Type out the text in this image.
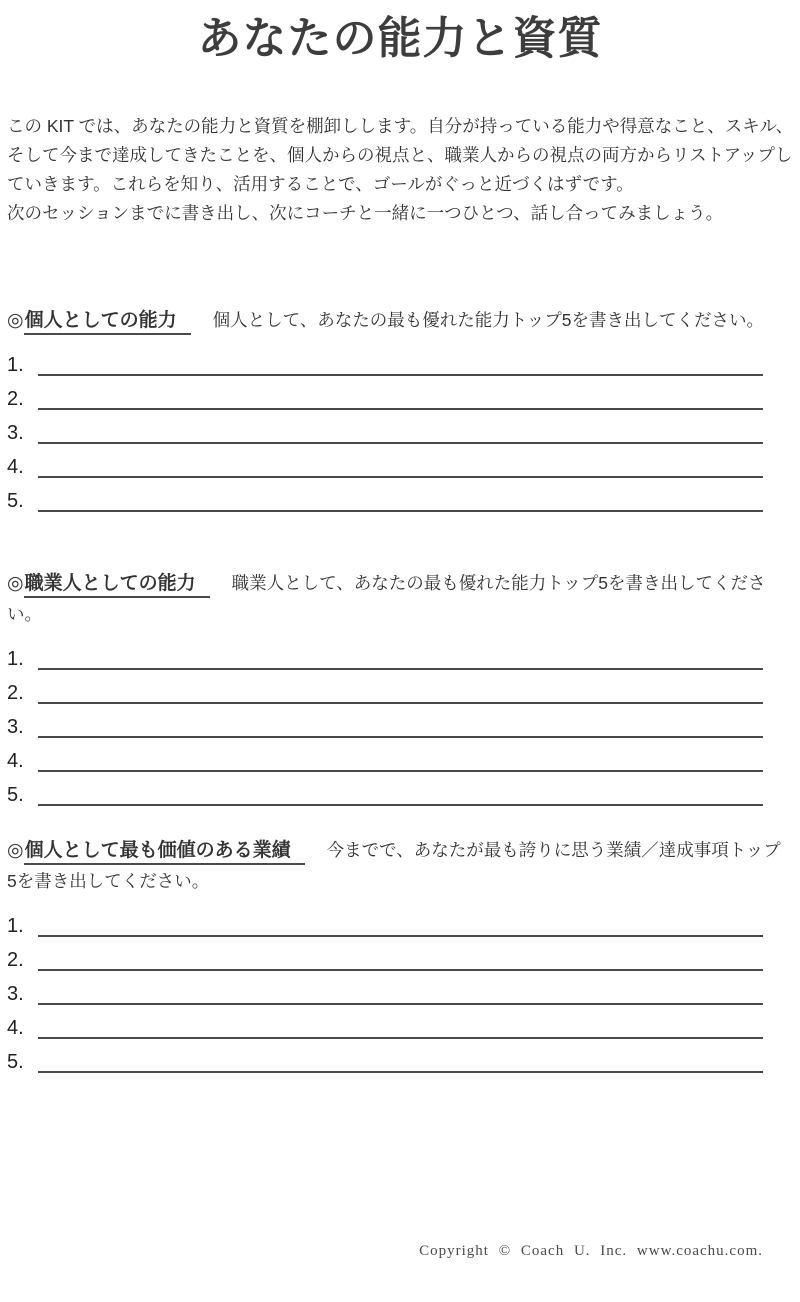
あなたの能力と資質

この KIT では、あなたの能力と資質を棚卸しします。自分が持っている能力や得意なこと、スキル、そして今まで達成してきたことを、個人からの視点と、職業人からの視点の両方からリストアップしていきます。これらを知り、活用することで、ゴールがぐっと近づくはずです。

次のセッションまでに書き出し、次にコーチと一緒に一つひとつ、話し合ってみましょう。

◎個人としての能力 個人として、あなたの最も優れた能力トップ5を書き出してください。
1.
2.
3.
4.
5.
◎職業人としての能力 職業人として、あなたの最も優れた能力トップ5を書き出してください。
1.
2.
3.
4.
5.
◎個人として最も価値のある業績 今までで、あなたが最も誇りに思う業績／達成事項トップ5を書き出してください。
1.
2.
3.
4.
5.
Copyright © Coach U. Inc. www.coachu.com.
